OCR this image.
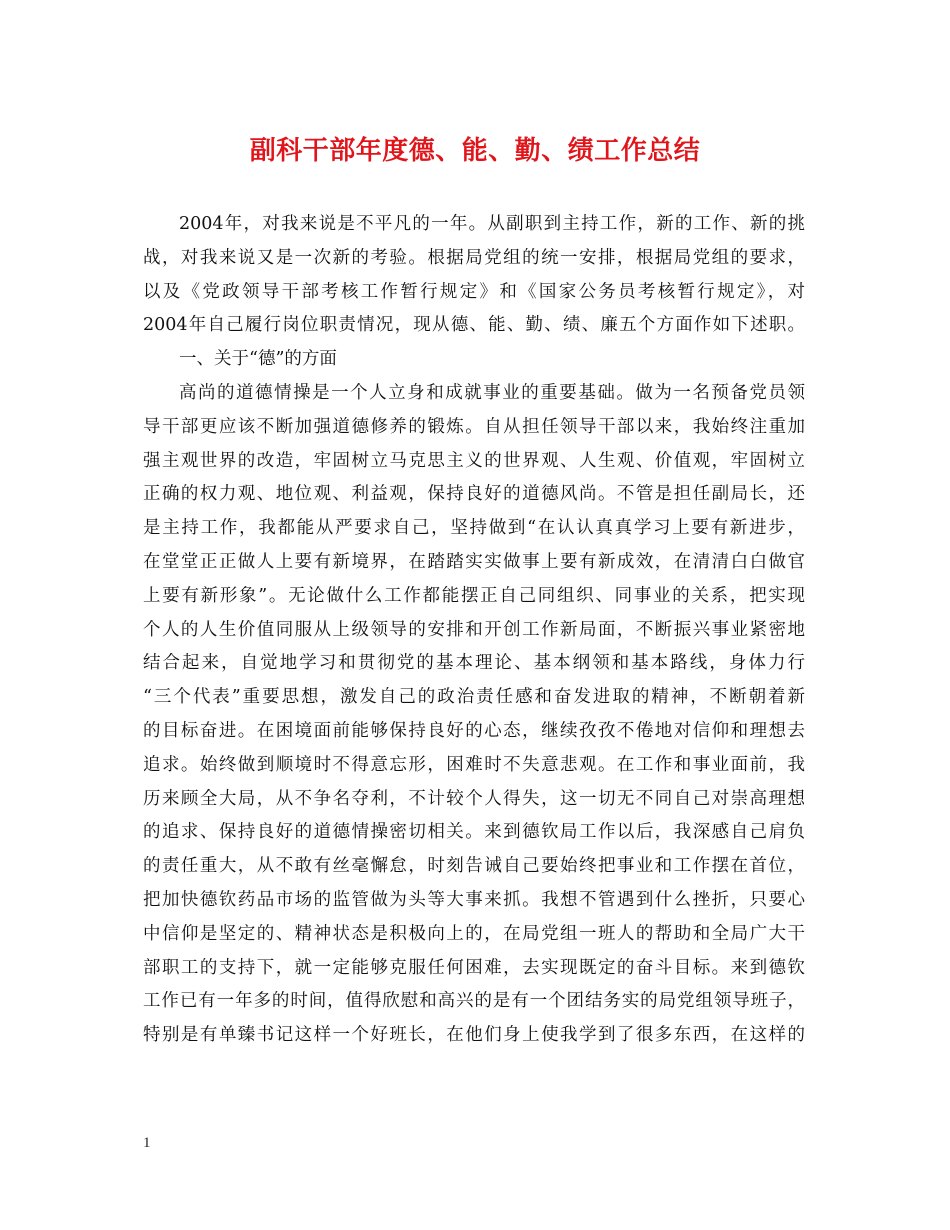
副科干部年度德、能、勤、绩工作总结
2004年，对我来说是不平凡的一年。从副职到主持工作，新的工作、新的挑
战，对我来说又是一次新的考验。根据局党组的统一安排，根据局党组的要求，
以及《党政领导干部考核工作暂行规定》和《国家公务员考核暂行规定》，对
2004年自己履行岗位职责情况，现从德、能、勤、绩、廉五个方面作如下述职。
一、关于“德”的方面
高尚的道德情操是一个人立身和成就事业的重要基础。做为一名预备党员领
导干部更应该不断加强道德修养的锻炼。自从担任领导干部以来，我始终注重加
强主观世界的改造，牢固树立马克思主义的世界观、人生观、价值观，牢固树立
正确的权力观、地位观、利益观，保持良好的道德风尚。不管是担任副局长，还
是主持工作，我都能从严要求自己，坚持做到“在认认真真学习上要有新进步，
在堂堂正正做人上要有新境界，在踏踏实实做事上要有新成效，在清清白白做官
上要有新形象”。无论做什么工作都能摆正自己同组织、同事业的关系，把实现
个人的人生价值同服从上级领导的安排和开创工作新局面，不断振兴事业紧密地
结合起来，自觉地学习和贯彻党的基本理论、基本纲领和基本路线，身体力行
“三个代表”重要思想，激发自己的政治责任感和奋发进取的精神，不断朝着新
的目标奋进。在困境面前能够保持良好的心态，继续孜孜不倦地对信仰和理想去
追求。始终做到顺境时不得意忘形，困难时不失意悲观。在工作和事业面前，我
历来顾全大局，从不争名夺利，不计较个人得失，这一切无不同自己对崇高理想
的追求、保持良好的道德情操密切相关。来到德钦局工作以后，我深感自己肩负
的责任重大，从不敢有丝毫懈怠，时刻告诫自己要始终把事业和工作摆在首位，
把加快德钦药品市场的监管做为头等大事来抓。我想不管遇到什么挫折，只要心
中信仰是坚定的、精神状态是积极向上的，在局党组一班人的帮助和全局广大干
部职工的支持下，就一定能够克服任何困难，去实现既定的奋斗目标。来到德钦
工作已有一年多的时间，值得欣慰和高兴的是有一个团结务实的局党组领导班子，
特别是有单臻书记这样一个好班长，在他们身上使我学到了很多东西，在这样的
1
